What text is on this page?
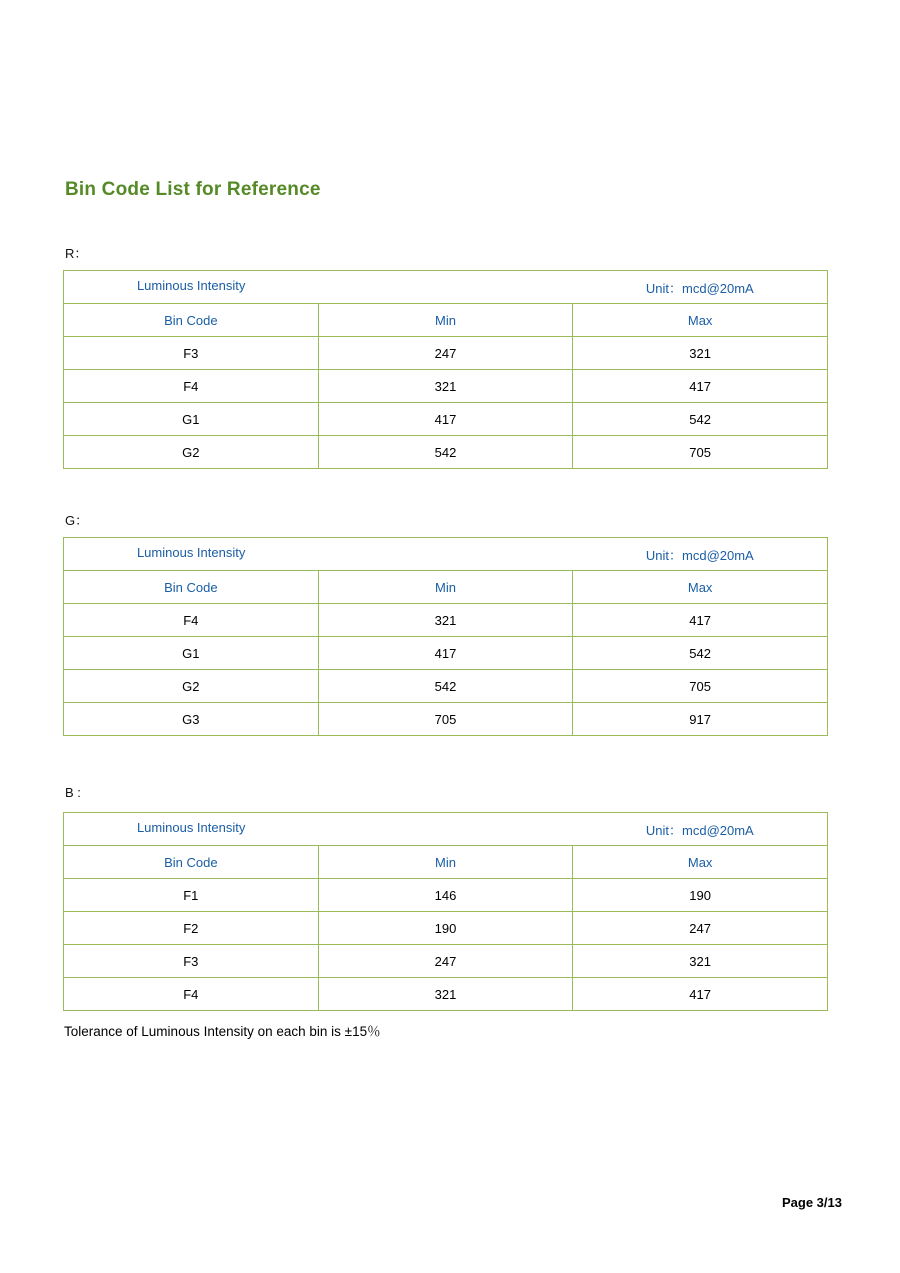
Bin Code List for Reference
R：
Luminous Intensity Unit：mcd@20mA		

Bin Code	Min	Max
F3	247	321
F4	321	417
G1	417	542
G2	542	705
G：
Luminous Intensity Unit：mcd@20mA		

Bin Code	Min	Max
F4	321	417
G1	417	542
G2	542	705
G3	705	917
B :
Luminous Intensity Unit：mcd@20mA		

Bin Code	Min	Max
F1	146	190
F2	190	247
F3	247	321
F4	321	417
Tolerance of Luminous Intensity on each bin is ±15％
Page 3/13
